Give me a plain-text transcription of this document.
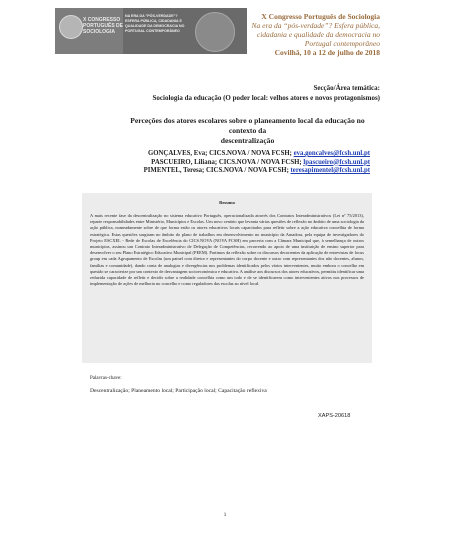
X CONGRESSO PORTUGUÊS DE SOCIOLOGIA
NA ERA DA "PÓS-VERDADE"? ESFERA PÚBLICA, CIDADANIA E QUALIDADE DA DEMOCRACIA NO PORTUGAL CONTEMPORÂNEO
X Congresso Português de Sociologia
Na era da “pós-verdade”? Esfera pública,
cidadania e qualidade da democracia no
Portugal contemporâneo
Covilhã, 10 a 12 de julho de 2018
Secção/Área temática:
Sociologia da educação (O poder local: velhos atores e novos protagonismos)
Perceções dos atores escolares sobre o planeamento local da educação no contexto da
descentralização
GONÇALVES, Eva; CICS.NOVA / NOVA FCSH; eva.goncalves@fcsh.unl.pt
PASCUEIRO, Liliana; CICS.NOVA / NOVA FCSH; lpascueiro@fcsh.unl.pt
PIMENTEL, Teresa; CICS.NOVA / NOVA FCSH; teresapimentel@fcsh.unl.pt
Resumo
A mais recente fase da descentralização no sistema educativo Português, operacionalizada através dos Contratos Interadministrativos (Lei nº 75/2013), reparte responsabilidades entre Ministério, Municípios e Escolas. Um novo cenário que levanta várias questões de reflexão no âmbito de uma sociologia da ação pública, nomeadamente sobre de que forma estão os atores educativos locais capacitados para refletir sobre a ação educativa concelhia de forma estratégica. Estas questões surgiram no âmbito do plano de trabalhos em desenvolvimento no município da Amadora, pela equipa de investigadores do Projeto ESCXEL - Rede de Escolas de Excelência do CICS.NOVA (NOVA FCSH) em parceria com a Câmara Municipal que, à semelhança de outros municípios, assinou um Contrato Interadministrativo de Delegação de Competências, recorrendo ao apoio de uma instituição de ensino superior para desenvolver o seu Plano Estratégico Educativo Municipal (PEEM). Partimos da reflexão sobre os discursos decorrentes da aplicação de entrevistas de focus group em cada Agrupamento de Escolas (um painel com diretor e representantes do corpo docente e outro com representantes dos não docentes, alunos, famílias e comunidade), dando conta de analogias e divergências nos problemas identificados pelos vários intervenientes, muito embora o concelho em questão se caracterize por um contexto de desvantagem socioeconómica e educativa. A análise aos discursos dos atores educativos, permitiu identificar uma reduzida capacidade de refletir e decidir sobre a realidade concelhia como um todo e de se identificarem como intervenientes ativos nos processos de implementação de ações de melhoria no concelho e como reguladores das escolas ao nível local.
Palavras-chave:
Descentralização; Planeamento local; Participação local; Capacitação reflexiva
XAPS-20618
1
